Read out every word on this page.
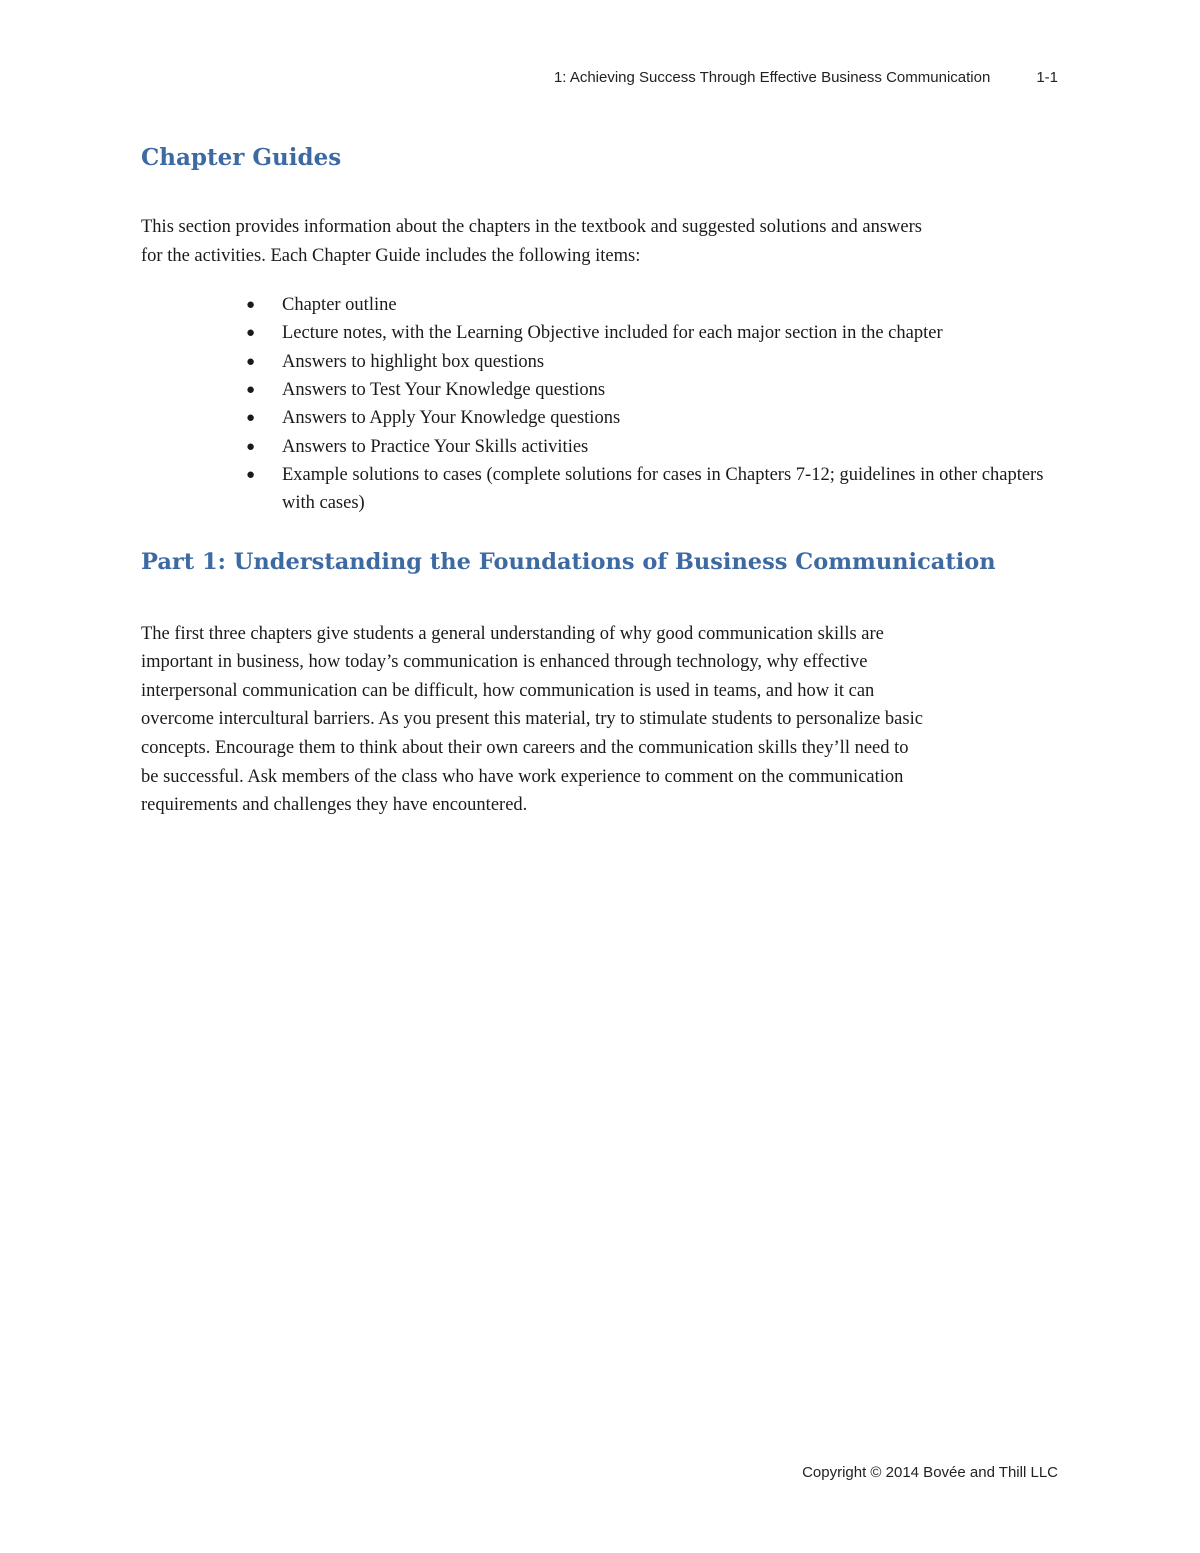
1: Achieving Success Through Effective Business Communication	1-1
Chapter Guides

This section provides information about the chapters in the textbook and suggested solutions and answers
for the activities. Each Chapter Guide includes the following items:

● Chapter outline
● Lecture notes, with the Learning Objective included for each major section in the chapter
● Answers to highlight box questions
● Answers to Test Your Knowledge questions
● Answers to Apply Your Knowledge questions
● Answers to Practice Your Skills activities
● Example solutions to cases (complete solutions for cases in Chapters 7-12; guidelines in other chapters with cases)
Part 1: Understanding the Foundations of Business Communication

The first three chapters give students a general understanding of why good communication skills are
important in business, how today’s communication is enhanced through technology, why effective
interpersonal communication can be difficult, how communication is used in teams, and how it can
overcome intercultural barriers. As you present this material, try to stimulate students to personalize basic
concepts. Encourage them to think about their own careers and the communication skills they’ll need to
be successful. Ask members of the class who have work experience to comment on the communication
requirements and challenges they have encountered.

Copyright © 2014 Bovée and Thill LLC
